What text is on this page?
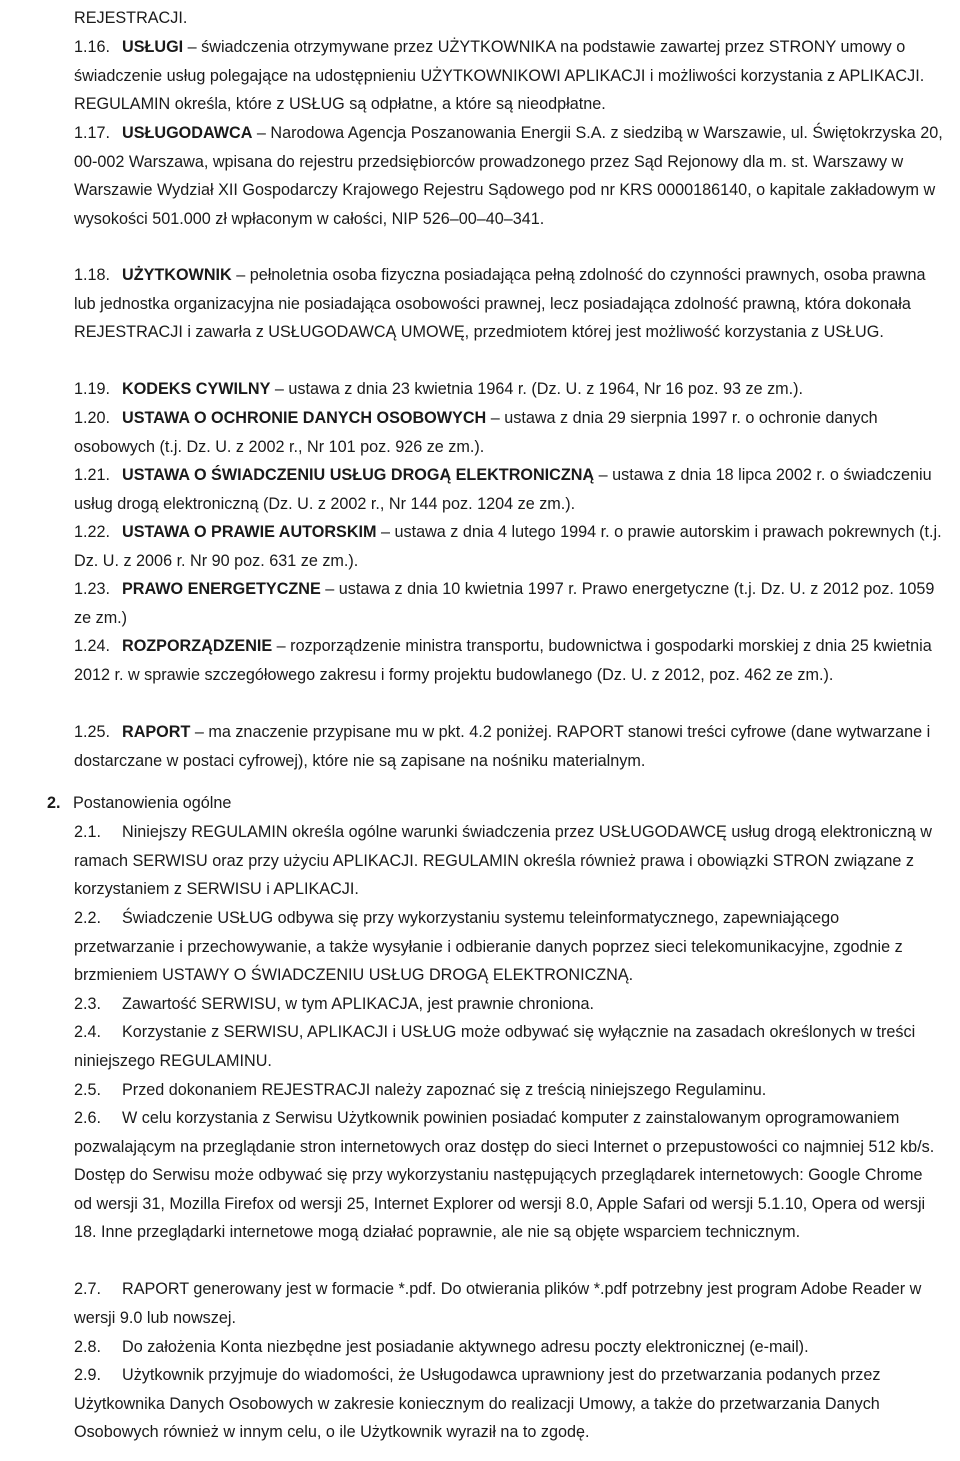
REJESTRACJI.

1.16. USŁUGI – świadczenia otrzymywane przez UŻYTKOWNIKA na podstawie zawartej przez STRONY umowy o świadczenie usług polegające na udostępnieniu UŻYTKOWNIKOWI APLIKACJI i możliwości korzystania z APLIKACJI. REGULAMIN określa, które z USŁUG są odpłatne, a które są nieodpłatne.

1.17. USŁUGODAWCA – Narodowa Agencja Poszanowania Energii S.A. z siedzibą w Warszawie, ul. Świętokrzyska 20, 00-002 Warszawa, wpisana do rejestru przedsiębiorców prowadzonego przez Sąd Rejonowy dla m. st. Warszawy w Warszawie Wydział XII Gospodarczy Krajowego Rejestru Sądowego pod nr KRS 0000186140, o kapitale zakładowym w wysokości 501.000 zł wpłaconym w całości, NIP 526–00–40–341.

1.18. UŻYTKOWNIK – pełnoletnia osoba fizyczna posiadająca pełną zdolność do czynności prawnych, osoba prawna lub jednostka organizacyjna nie posiadająca osobowości prawnej, lecz posiadająca zdolność prawną, która dokonała REJESTRACJI i zawarła z USŁUGODAWCĄ UMOWĘ, przedmiotem której jest możliwość korzystania z USŁUG.

1.19. KODEKS CYWILNY – ustawa z dnia 23 kwietnia 1964 r. (Dz. U. z 1964, Nr 16 poz. 93 ze zm.).

1.20. USTAWA O OCHRONIE DANYCH OSOBOWYCH – ustawa z dnia 29 sierpnia 1997 r. o ochronie danych osobowych (t.j. Dz. U. z 2002 r., Nr 101 poz. 926 ze zm.).

1.21. USTAWA O ŚWIADCZENIU USŁUG DROGĄ ELEKTRONICZNĄ – ustawa z dnia 18 lipca 2002 r. o świadczeniu usług drogą elektroniczną (Dz. U. z 2002 r., Nr 144 poz. 1204 ze zm.).

1.22. USTAWA O PRAWIE AUTORSKIM – ustawa z dnia 4 lutego 1994 r. o prawie autorskim i prawach pokrewnych (t.j. Dz. U. z 2006 r. Nr 90 poz. 631 ze zm.).

1.23. PRAWO ENERGETYCZNE – ustawa z dnia 10 kwietnia 1997 r. Prawo energetyczne (t.j. Dz. U. z 2012 poz. 1059 ze zm.)

1.24. ROZPORZĄDZENIE – rozporządzenie ministra transportu, budownictwa i gospodarki morskiej z dnia 25 kwietnia 2012 r. w sprawie szczegółowego zakresu i formy projektu budowlanego (Dz. U. z 2012, poz. 462 ze zm.).

1.25. RAPORT – ma znaczenie przypisane mu w pkt. 4.2 poniżej. RAPORT stanowi treści cyfrowe (dane wytwarzane i dostarczane w postaci cyfrowej), które nie są zapisane na nośniku materialnym.

2. Postanowienia ogólne

2.1. Niniejszy REGULAMIN określa ogólne warunki świadczenia przez USŁUGODAWCĘ usług drogą elektroniczną w ramach SERWISU oraz przy użyciu APLIKACJI. REGULAMIN określa również prawa i obowiązki STRON związane z korzystaniem z SERWISU i APLIKACJI.

2.2. Świadczenie USŁUG odbywa się przy wykorzystaniu systemu teleinformatycznego, zapewniającego przetwarzanie i przechowywanie, a także wysyłanie i odbieranie danych poprzez sieci telekomunikacyjne, zgodnie z brzmieniem USTAWY O ŚWIADCZENIU USŁUG DROGĄ ELEKTRONICZNĄ.

2.3. Zawartość SERWISU, w tym APLIKACJA, jest prawnie chroniona.

2.4. Korzystanie z SERWISU, APLIKACJI i USŁUG może odbywać się wyłącznie na zasadach określonych w treści niniejszego REGULAMINU.

2.5. Przed dokonaniem REJESTRACJI należy zapoznać się z treścią niniejszego Regulaminu.

2.6. W celu korzystania z Serwisu Użytkownik powinien posiadać komputer z zainstalowanym oprogramowaniem pozwalającym na przeglądanie stron internetowych oraz dostęp do sieci Internet o przepustowości co najmniej 512 kb/s. Dostęp do Serwisu może odbywać się przy wykorzystaniu następujących przeglądarek internetowych: Google Chrome od wersji 31, Mozilla Firefox od wersji 25, Internet Explorer od wersji 8.0, Apple Safari od wersji 5.1.10, Opera od wersji 18. Inne przeglądarki internetowe mogą działać poprawnie, ale nie są objęte wsparciem technicznym.

2.7. RAPORT generowany jest w formacie *.pdf. Do otwierania plików *.pdf potrzebny jest program Adobe Reader w wersji 9.0 lub nowszej.

2.8. Do założenia Konta niezbędne jest posiadanie aktywnego adresu poczty elektronicznej (e-mail).

2.9. Użytkownik przyjmuje do wiadomości, że Usługodawca uprawniony jest do przetwarzania podanych przez Użytkownika Danych Osobowych w zakresie koniecznym do realizacji Umowy, a także do przetwarzania Danych Osobowych również w innym celu, o ile Użytkownik wyraził na to zgodę.
